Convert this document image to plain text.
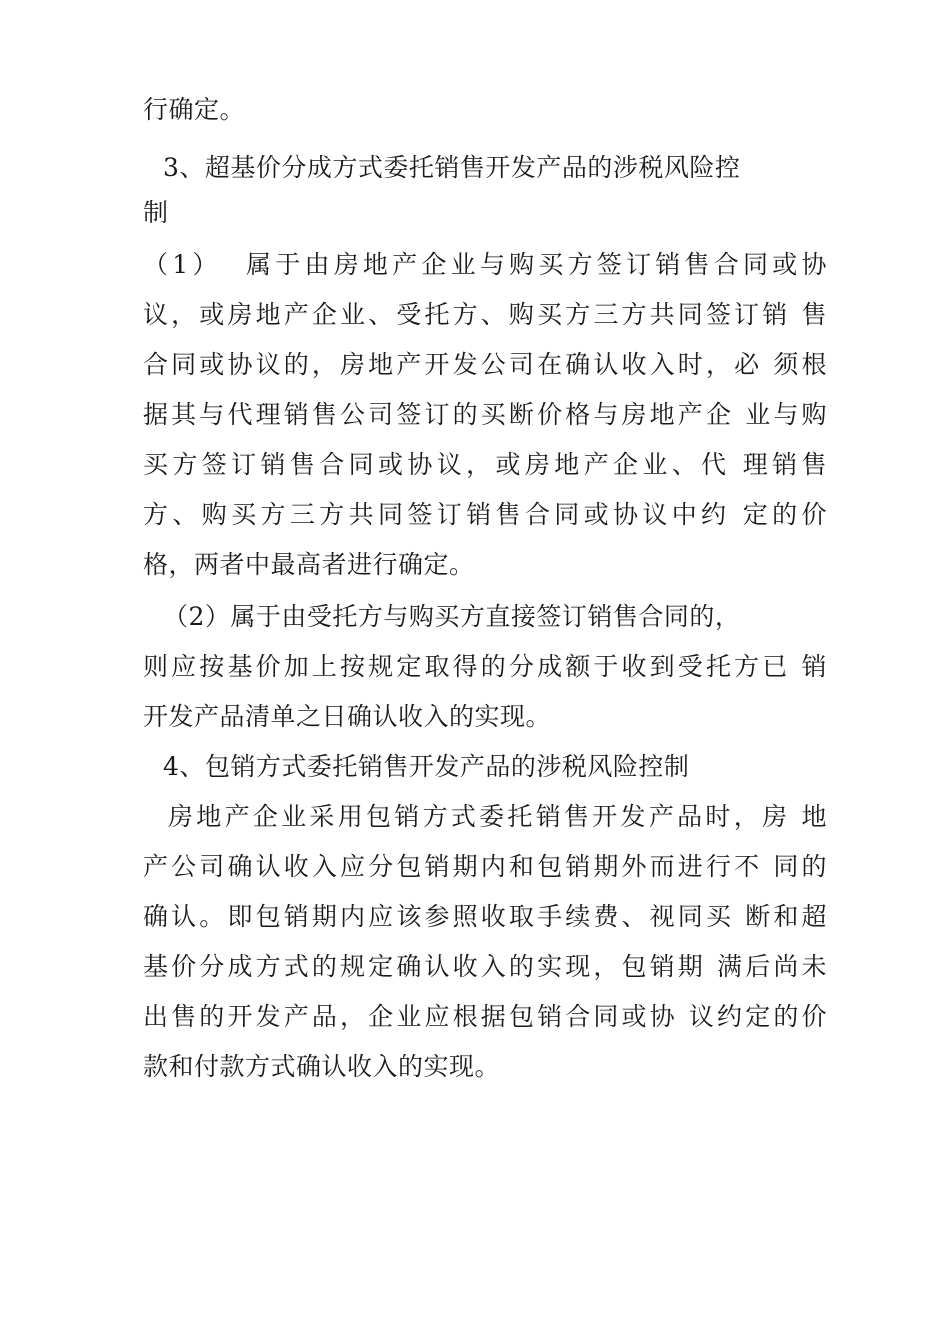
行确定。
3、超基价分成方式委托销售开发产品的涉税风险控
制
（1）  属于由房地产企业与购买方签订销售合同或协
议，或房地产企业、受托方、购买方三方共同签订销 售
合同或协议的，房地产开发公司在确认收入时，必 须根
据其与代理销售公司签订的买断价格与房地产企 业与购
买方签订销售合同或协议，或房地产企业、代 理销售
方、购买方三方共同签订销售合同或协议中约 定的价
格，两者中最高者进行确定。
（2）属于由受托方与购买方直接签订销售合同的，
则应按基价加上按规定取得的分成额于收到受托方已 销
开发产品清单之日确认收入的实现。
4、包销方式委托销售开发产品的涉税风险控制
房地产企业采用包销方式委托销售开发产品时，房 地
产公司确认收入应分包销期内和包销期外而进行不 同的
确认。即包销期内应该参照收取手续费、视同买 断和超
基价分成方式的规定确认收入的实现，包销期 满后尚未
出售的开发产品，企业应根据包销合同或协 议约定的价
款和付款方式确认收入的实现。
